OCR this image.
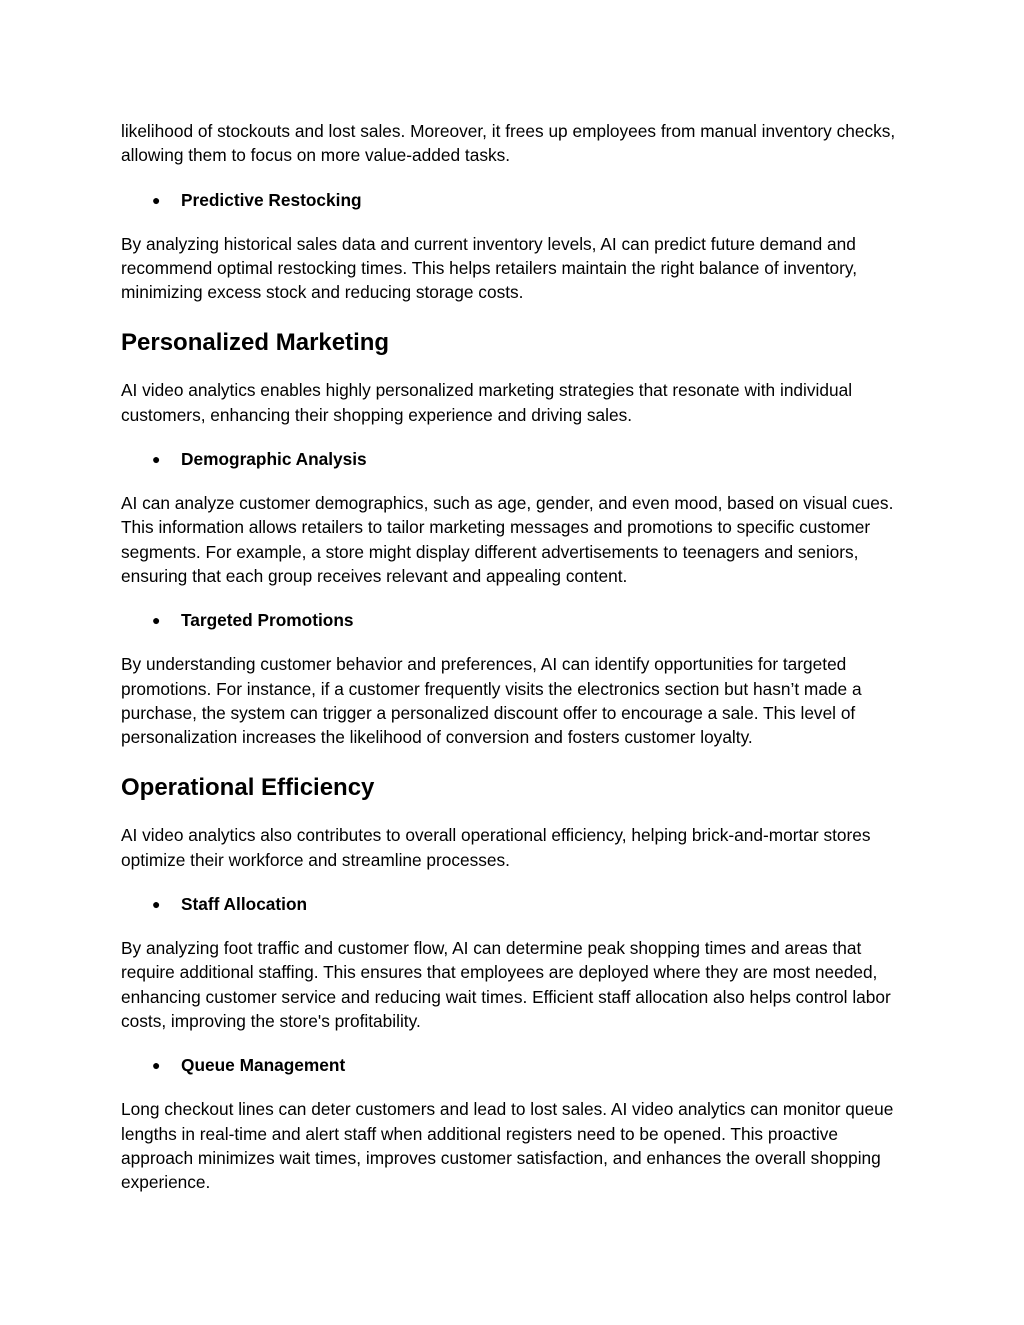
likelihood of stockouts and lost sales. Moreover, it frees up employees from manual inventory checks, allowing them to focus on more value-added tasks.

● Predictive Restocking

By analyzing historical sales data and current inventory levels, AI can predict future demand and recommend optimal restocking times. This helps retailers maintain the right balance of inventory, minimizing excess stock and reducing storage costs.

Personalized Marketing

AI video analytics enables highly personalized marketing strategies that resonate with individual customers, enhancing their shopping experience and driving sales.

● Demographic Analysis

AI can analyze customer demographics, such as age, gender, and even mood, based on visual cues. This information allows retailers to tailor marketing messages and promotions to specific customer segments. For example, a store might display different advertisements to teenagers and seniors, ensuring that each group receives relevant and appealing content.

● Targeted Promotions

By understanding customer behavior and preferences, AI can identify opportunities for targeted promotions. For instance, if a customer frequently visits the electronics section but hasn’t made a purchase, the system can trigger a personalized discount offer to encourage a sale. This level of personalization increases the likelihood of conversion and fosters customer loyalty.

Operational Efficiency

AI video analytics also contributes to overall operational efficiency, helping brick-and-mortar stores optimize their workforce and streamline processes.

● Staff Allocation

By analyzing foot traffic and customer flow, AI can determine peak shopping times and areas that require additional staffing. This ensures that employees are deployed where they are most needed, enhancing customer service and reducing wait times. Efficient staff allocation also helps control labor costs, improving the store's profitability.

● Queue Management

Long checkout lines can deter customers and lead to lost sales. AI video analytics can monitor queue lengths in real-time and alert staff when additional registers need to be opened. This proactive approach minimizes wait times, improves customer satisfaction, and enhances the overall shopping experience.
